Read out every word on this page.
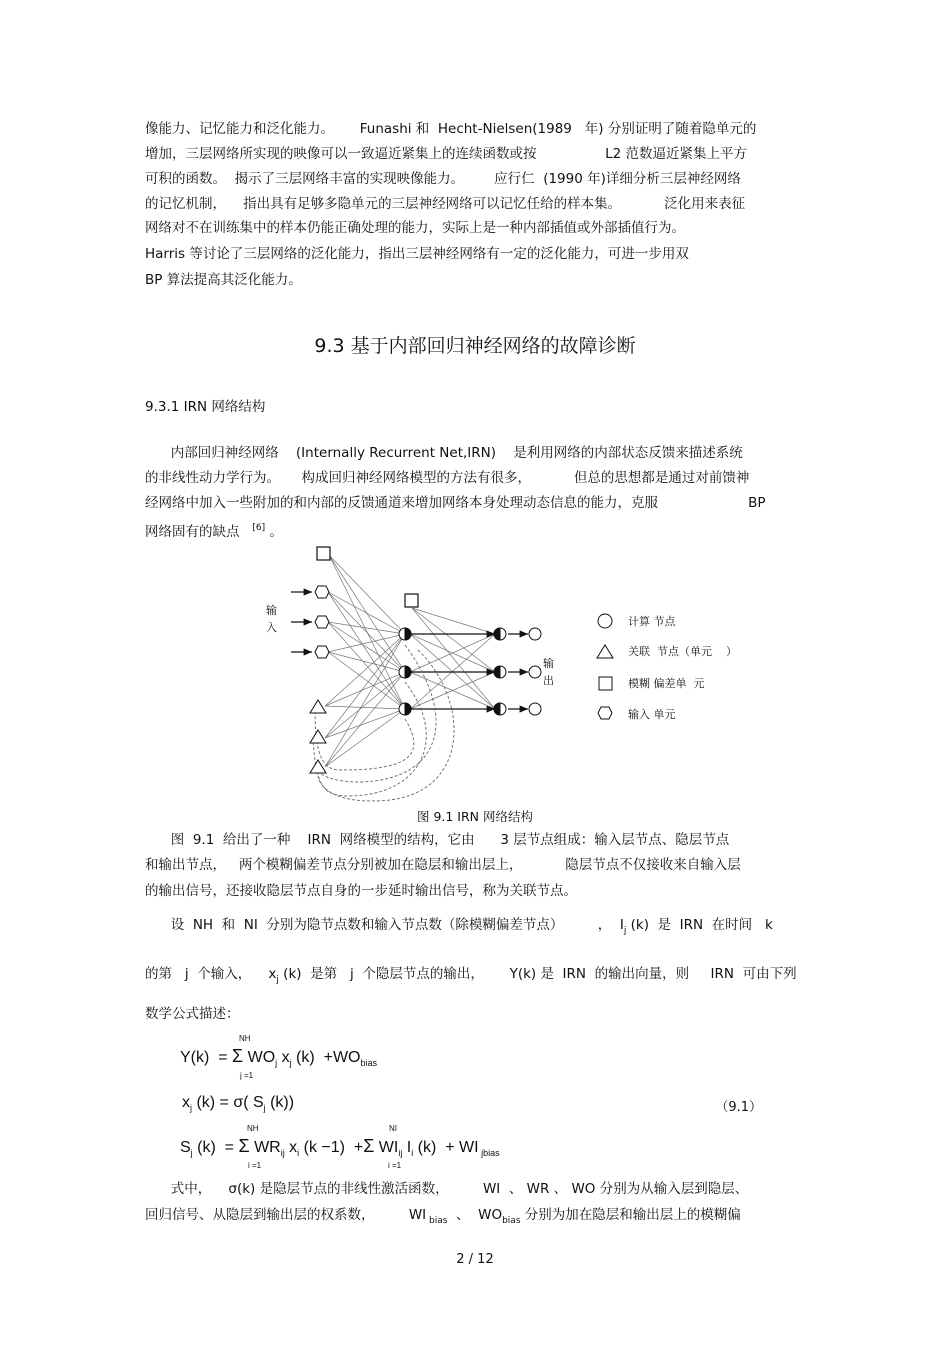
像能力、记忆能力和泛化能力。      Funashi 和  Hecht-Nielsen(1989   年) 分别证明了随着隐单元的
增加，三层网络所实现的映像可以一致逼近紧集上的连续函数或按                L2 范数逼近紧集上平方
可积的函数。  揭示了三层网络丰富的实现映像能力。       应行仁  (1990 年)详细分析三层神经网络
的记忆机制，    指出具有足够多隐单元的三层神经网络可以记忆任给的样本集。          泛化用来表征
网络对不在训练集中的样本仍能正确处理的能力，实际上是一种内部插值或外部插值行为。
Harris 等讨论了三层网络的泛化能力，指出三层神经网络有一定的泛化能力，可进一步用双
BP 算法提高其泛化能力。
9.3 基于内部回归神经网络的故障诊断
9.3.1 IRN 网络结构
内部回归神经网络    (Internally Recurrent Net,IRN)    是利用网络的内部状态反馈来描述系统
的非线性动力学行为。     构成回归神经网络模型的方法有很多，          但总的思想都是通过对前馈神
经网络中加入一些附加的和内部的反馈通道来增加网络本身处理动态信息的能力，克服                     BP
网络固有的缺点 [6] 。
输
入
输
出
计算 节点
关联  节点（单元    ）
模糊 偏差单  元
输入 单元
图 9.1 IRN 网络结构
图  9.1  给出了一种    IRN  网络模型的结构，它由      3 层节点组成：输入层节点、隐层节点
和输出节点，   两个模糊偏差节点分别被加在隐层和输出层上，          隐层节点不仅接收来自输入层
的输出信号，还接收隐层节点自身的一步延时输出信号，称为关联节点。
设  NH  和  NI  分别为隐节点数和输入节点数（除模糊偏差节点）        ，  $I_j$ (k)  是  IRN  在时间   k
的第   j  个输入，    $x_j$ (k)  是第   j  个隐层节点的输出，      Y(k) 是  IRN  的输出向量，则     IRN  可由下列
数学公式描述：
NH
Y(k)  = Σ $WO_j$ $x_j$ $(k) +WO_{bias}$
j =1
$x_j$ (k) = σ( $S_j$ (k))	（9.1）
NH	NI
$S_j$ (k)  = Σ $WR_{ij}$ $x_i$ (k −1)  +Σ $WI_{ij}$ $I_i$ (k)  + WI $_{jbias}$
i =1	i =1
式中，    σ(k) 是隐层节点的非线性激活函数，        WI  、 WR 、 WO 分别为从输入层到隐层、
回归信号、从隐层到输出层的权系数，        WI $_{bias}$  、  $WO_{bias}$ 分别为加在隐层和输出层上的模糊偏
2 / 12
